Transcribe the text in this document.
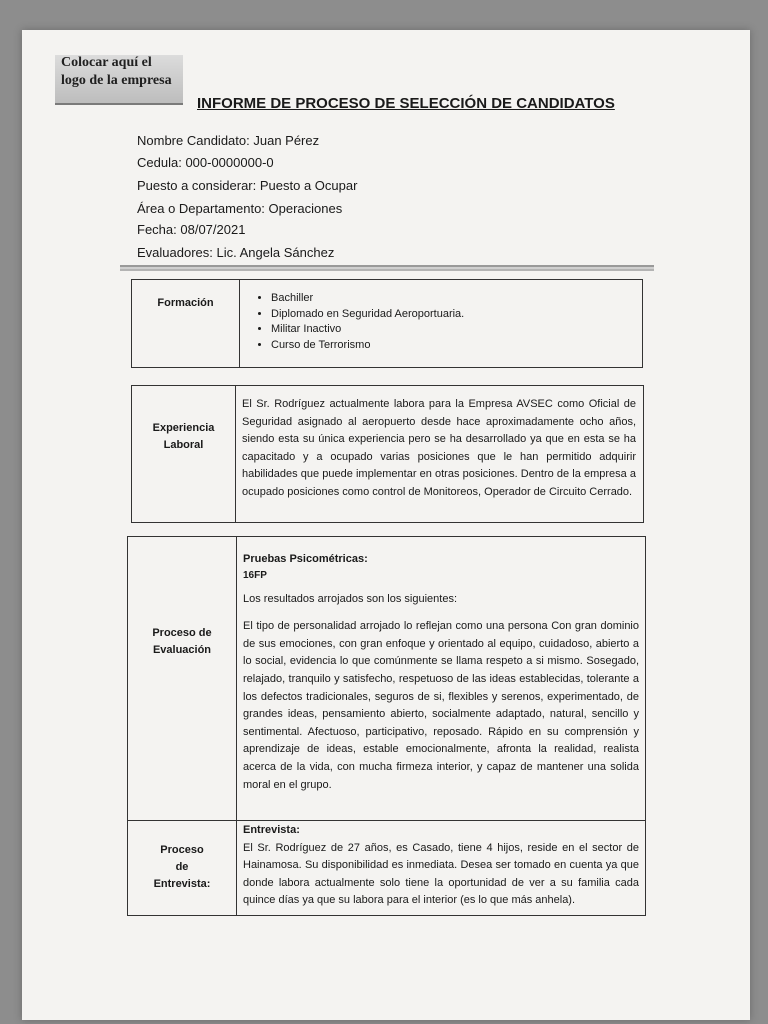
Colocar aquí el
logo de la empresa
INFORME DE PROCESO DE SELECCIÓN DE CANDIDATOS
Nombre Candidato: Juan Pérez
Cedula: 000-0000000-0
Puesto a considerar: Puesto a Ocupar
Área o Departamento: Operaciones
Fecha: 08/07/2021
Evaluadores: Lic. Angela Sánchez
Formación
•	Bachiller
• Diplomado en Seguridad Aeroportuaria.
• Militar Inactivo
• Curso de Terrorismo
Experiencia
Laboral
El Sr. Rodríguez actualmente labora para la Empresa AVSEC como Oficial de Seguridad asignado al aeropuerto desde hace aproximadamente ocho años, siendo esta su única experiencia pero se ha desarrollado ya que en esta se ha capacitado y a ocupado varias posiciones que le han permitido adquirir habilidades que puede implementar en otras posiciones. Dentro de la empresa a ocupado posiciones como control de Monitoreos, Operador de Circuito Cerrado.
Proceso de
Evaluación
Pruebas Psicométricas:
16FP
Los resultados arrojados son los siguientes:
El tipo de personalidad arrojado lo reflejan como una persona Con gran dominio de sus emociones, con gran enfoque y orientado al equipo, cuidadoso, abierto a lo social, evidencia lo que comúnmente se llama respeto a si mismo. Sosegado, relajado, tranquilo y satisfecho, respetuoso de las ideas establecidas, tolerante a los defectos tradicionales, seguros de si, flexibles y serenos, experimentado, de grandes ideas, pensamiento abierto, socialmente adaptado, natural, sencillo y sentimental. Afectuoso, participativo, reposado. Rápido en su comprensión y aprendizaje de ideas, estable emocionalmente, afronta la realidad, realista acerca de la vida, con mucha firmeza interior, y capaz de mantener una solida moral en el grupo.
Proceso
de
Entrevista:
Entrevista:
El Sr. Rodríguez de 27 años, es Casado, tiene 4 hijos, reside en el sector de Hainamosa. Su disponibilidad es inmediata. Desea ser tomado en cuenta ya que donde labora actualmente solo tiene la oportunidad de ver a su familia cada quince días ya que su labora para el interior (es lo que más anhela).
